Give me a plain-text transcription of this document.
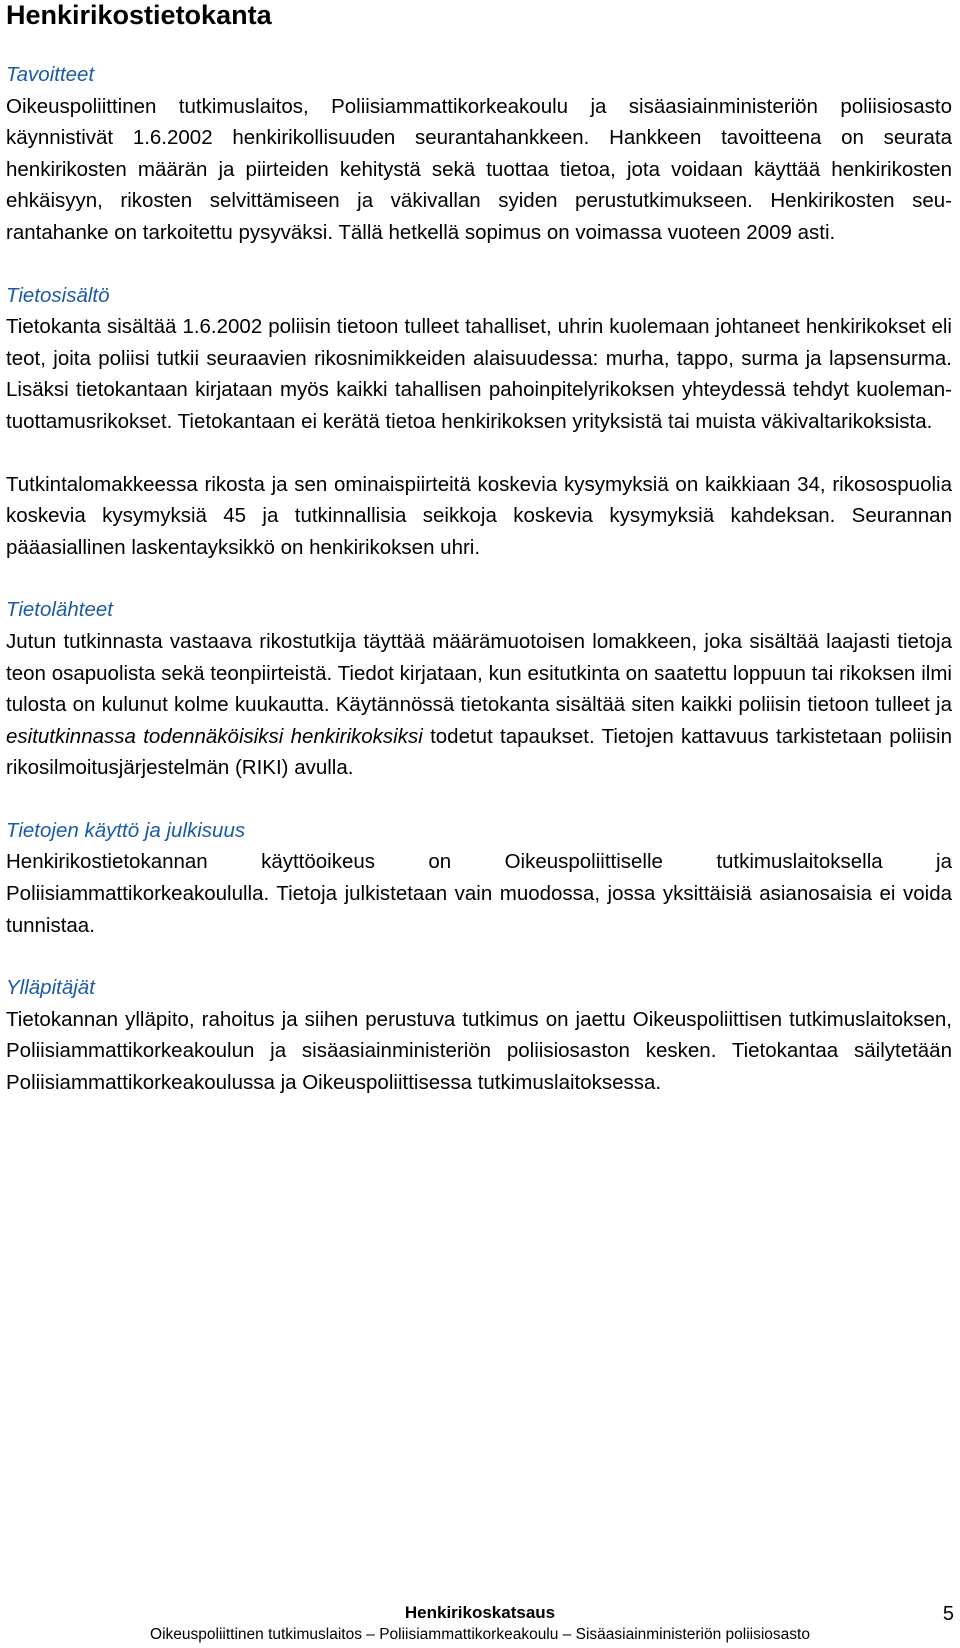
Henkirikostietokanta
Tavoitteet

Oikeuspoliittinen tutkimuslaitos, Poliisiammattikorkeakoulu ja sisäasiainministeriön poliisiosasto käynnistivät 1.6.2002 henkirikollisuuden seurantahankkeen. Hankkeen tavoitteena on seurata henkirikosten määrän ja piirteiden kehitystä sekä tuottaa tietoa, jota voidaan käyttää henkirikosten ehkäisyyn, rikosten selvittämiseen ja väkivallan syiden perustutkimukseen. Henkirikosten seurantahanke on tarkoitettu pysyväksi. Tällä hetkellä sopimus on voimassa vuoteen 2009 asti.

Tietosisältö

Tietokanta sisältää 1.6.2002 poliisin tietoon tulleet tahalliset, uhrin kuolemaan johtaneet henkirikokset eli teot, joita poliisi tutkii seuraavien rikosnimikkeiden alaisuudessa: murha, tappo, surma ja lapsensurma. Lisäksi tietokantaan kirjataan myös kaikki tahallisen pahoinpitelyrikoksen yhteydessä tehdyt kuolemantuottamusrikokset. Tietokantaan ei kerätä tietoa henkirikoksen yrityksistä tai muista väkivaltarikoksista.

Tutkintalomakkeessa rikosta ja sen ominaispiirteitä koskevia kysymyksiä on kaikkiaan 34, rikosospuolia koskevia kysymyksiä 45 ja tutkinnallisia seikkoja koskevia kysymyksiä kahdeksan. Seurannan pääasiallinen laskentayksikkö on henkirikoksen uhri.

Tietolähteet

Jutun tutkinnasta vastaava rikostutkija täyttää määrämuotoisen lomakkeen, joka sisältää laajasti tietoja teon osapuolista sekä teonpiirteistä. Tiedot kirjataan, kun esitutkinta on saatettu loppuun tai rikoksen ilmi tulosta on kulunut kolme kuukautta. Käytännössä tietokanta sisältää siten kaikki poliisin tietoon tulleet ja esitutkinnassa todennäköisiksi henkirikoksiksi todetut tapaukset. Tietojen kattavuus tarkistetaan poliisin rikosilmoitusjärjestelmän (RIKI) avulla.

Tietojen käyttö ja julkisuus

Henkirikostietokannan käyttöoikeus on Oikeuspoliittiselle tutkimuslaitoksella ja Poliisiammattikorkeakoululla. Tietoja julkistetaan vain muodossa, jossa yksittäisiä asianosaisia ei voida tunnistaa.

Ylläpitäjät

Tietokannan ylläpito, rahoitus ja siihen perustuva tutkimus on jaettu Oikeuspoliittisen tutkimuslaitoksen, Poliisiammattikorkeakoulun ja sisäasiainministeriön poliisiosaston kesken. Tietokantaa säilytetään Poliisiammattikorkeakoulussa ja Oikeuspoliittisessa tutkimuslaitoksessa.

Henkirikoskatsaus	5
Oikeuspoliittinen tutkimuslaitos – Poliisiammattikorkeakoulu – Sisäasiainministeriön poliisiosasto
